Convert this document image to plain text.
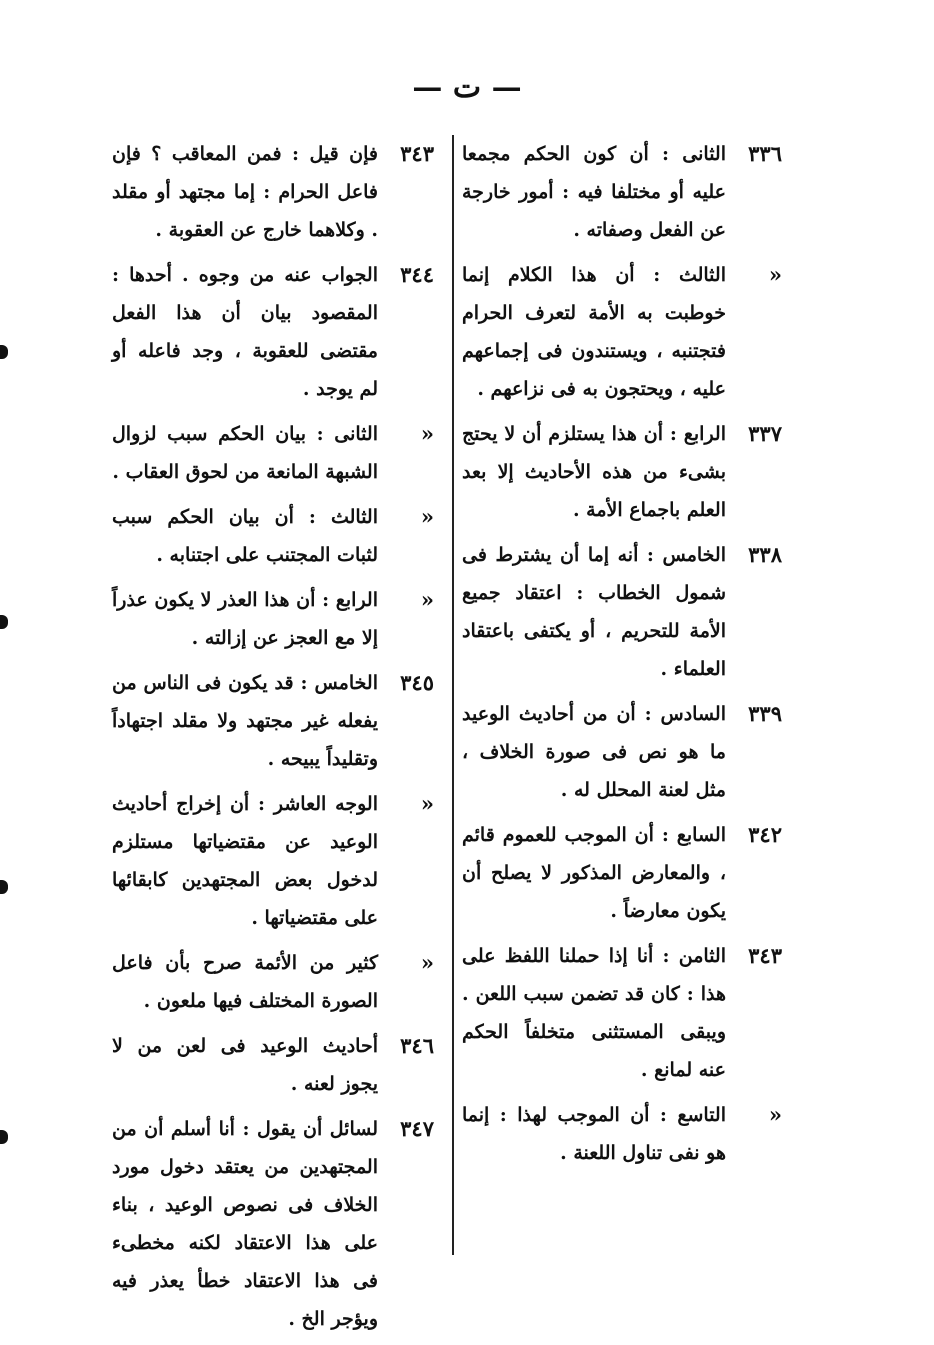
— ت —
٣٣٦
الثانى : أن كون الحكم مجمعا عليه أو مختلفا فيه : أمور خارجة عن الفعل وصفاته .
«
الثالث : أن هذا الكلام إنما خوطبت به الأمة لتعرف الحرام فتجتنبه ، ويستندون فى إجماعهم عليه ، ويحتجون به فى نزاعهم .
٣٣٧
الرابع : أن هذا يستلزم أن لا يحتج بشىء من هذه الأحاديث إلا بعد العلم باجماع الأمة .
٣٣٨
الخامس : أنه إما أن يشترط فى شمول الخطاب : اعتقاد جميع الأمة للتحريم ، أو يكتفى باعتقاد العلماء .
٣٣٩
السادس : أن من أحاديث الوعيد ما هو نص فى صورة الخلاف ، مثل لعنة المحلل له .
٣٤٢
السابع : أن الموجب للعموم قائم ، والمعارض المذكور لا يصلح أن يكون معارضاً .
٣٤٣
الثامن : أنا إذا حملنا اللفظ على هذا : كان قد تضمن سبب اللعن . ويبقى المستثنى متخلفاً الحكم عنه لمانع .
«
التاسع : أن الموجب لهذا : إنما هو نفى تناول اللعنة .
٣٤٣
فإن قيل : فمن المعاقب ؟ فإن فاعل الحرام : إما مجتهد أو مقلد . وكلاهما خارج عن العقوبة .
٣٤٤
الجواب عنه من وجوه . أحدها : المقصود بيان أن هذا الفعل مقتضى للعقوبة ، وجد فاعله أو لم يوجد .
«
الثانى : بيان الحكم سبب لزوال الشبهة المانعة من لحوق العقاب .
«
الثالث : أن بيان الحكم سبب لثبات المجتنب على اجتنابه .
«
الرابع : أن هذا العذر لا يكون عذراً إلا مع العجز عن إزالته .
٣٤٥
الخامس : قد يكون فى الناس من يفعله غير مجتهد ولا مقلد اجتهاداً وتقليداً يبيحه .
«
الوجه العاشر : أن إخراج أحاديث الوعيد عن مقتضياتها مستلزم لدخول بعض المجتهدين كابقائها على مقتضياتها .
«
كثير من الأئمة صرح بأن فاعل الصورة المختلف فيها ملعون .
٣٤٦
أحاديث الوعيد فى لعن من لا يجوز لعنه .
٣٤٧
لسائل أن يقول : أنا أسلم أن من المجتهدين من يعتقد دخول مورد الخلاف فى نصوص الوعيد ، بناء على هذا الاعتقاد لكنه مخطىء فى هذا الاعتقاد خطأ يعذر فيه ويؤجر الخ .
